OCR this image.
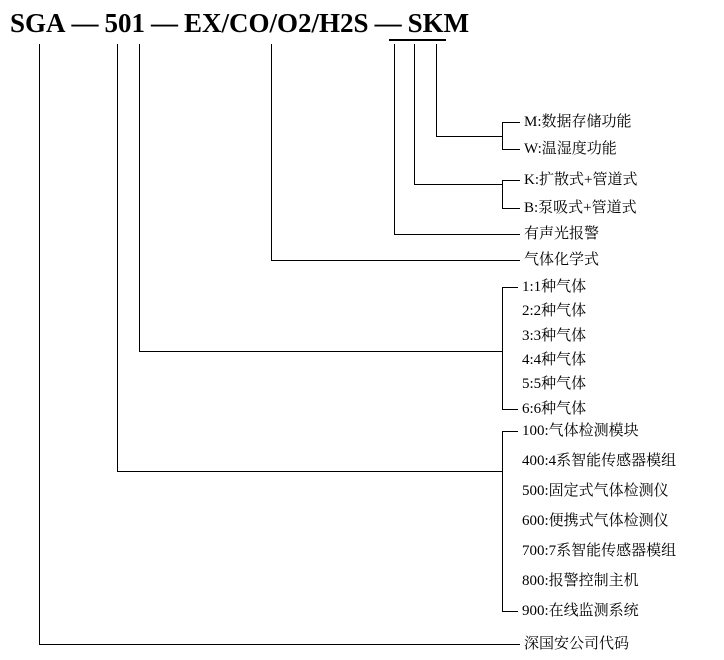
SGA — 501 — EX/CO/O2/H2S — SKM
M:数据存储功能
W:温湿度功能
K:扩散式+管道式
B:泵吸式+管道式
有声光报警
气体化学式
1:1种气体
2:2种气体
3:3种气体
4:4种气体
5:5种气体
6:6种气体
100:气体检测模块
400:4系智能传感器模组
500:固定式气体检测仪
600:便携式气体检测仪
700:7系智能传感器模组
800:报警控制主机
900:在线监测系统
深国安公司代码
